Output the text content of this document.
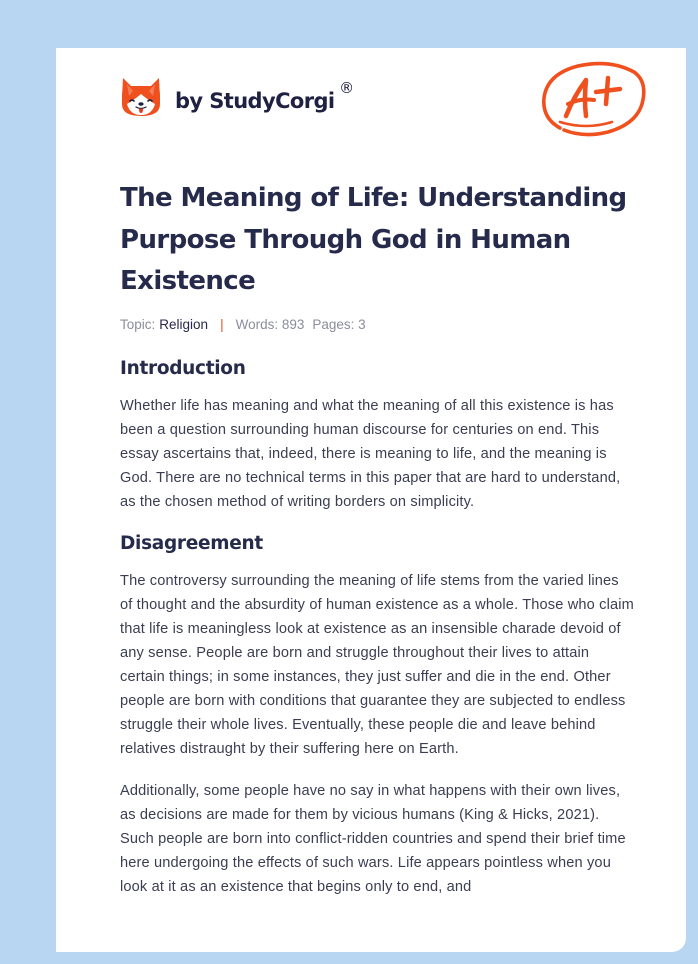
by StudyCorgi
®
The Meaning of Life: Understanding Purpose Through God in Human Existence
Topic: Religion | Words: 893 Pages: 3
Introduction

Whether life has meaning and what the meaning of all this existence is has been a question surrounding human discourse for centuries on end. This essay ascertains that, indeed, there is meaning to life, and the meaning is God. There are no technical terms in this paper that are hard to understand, as the chosen method of writing borders on simplicity.

Disagreement

The controversy surrounding the meaning of life stems from the varied lines of thought and the absurdity of human existence as a whole. Those who claim that life is meaningless look at existence as an insensible charade devoid of any sense. People are born and struggle throughout their lives to attain certain things; in some instances, they just suffer and die in the end. Other people are born with conditions that guarantee they are subjected to endless struggle their whole lives. Eventually, these people die and leave behind relatives distraught by their suffering here on Earth.

Additionally, some people have no say in what happens with their own lives, as decisions are made for them by vicious humans (King & Hicks, 2021). Such people are born into conflict-ridden countries and spend their brief time here undergoing the effects of such wars. Life appears pointless when you look at it as an existence that begins only to end, and
